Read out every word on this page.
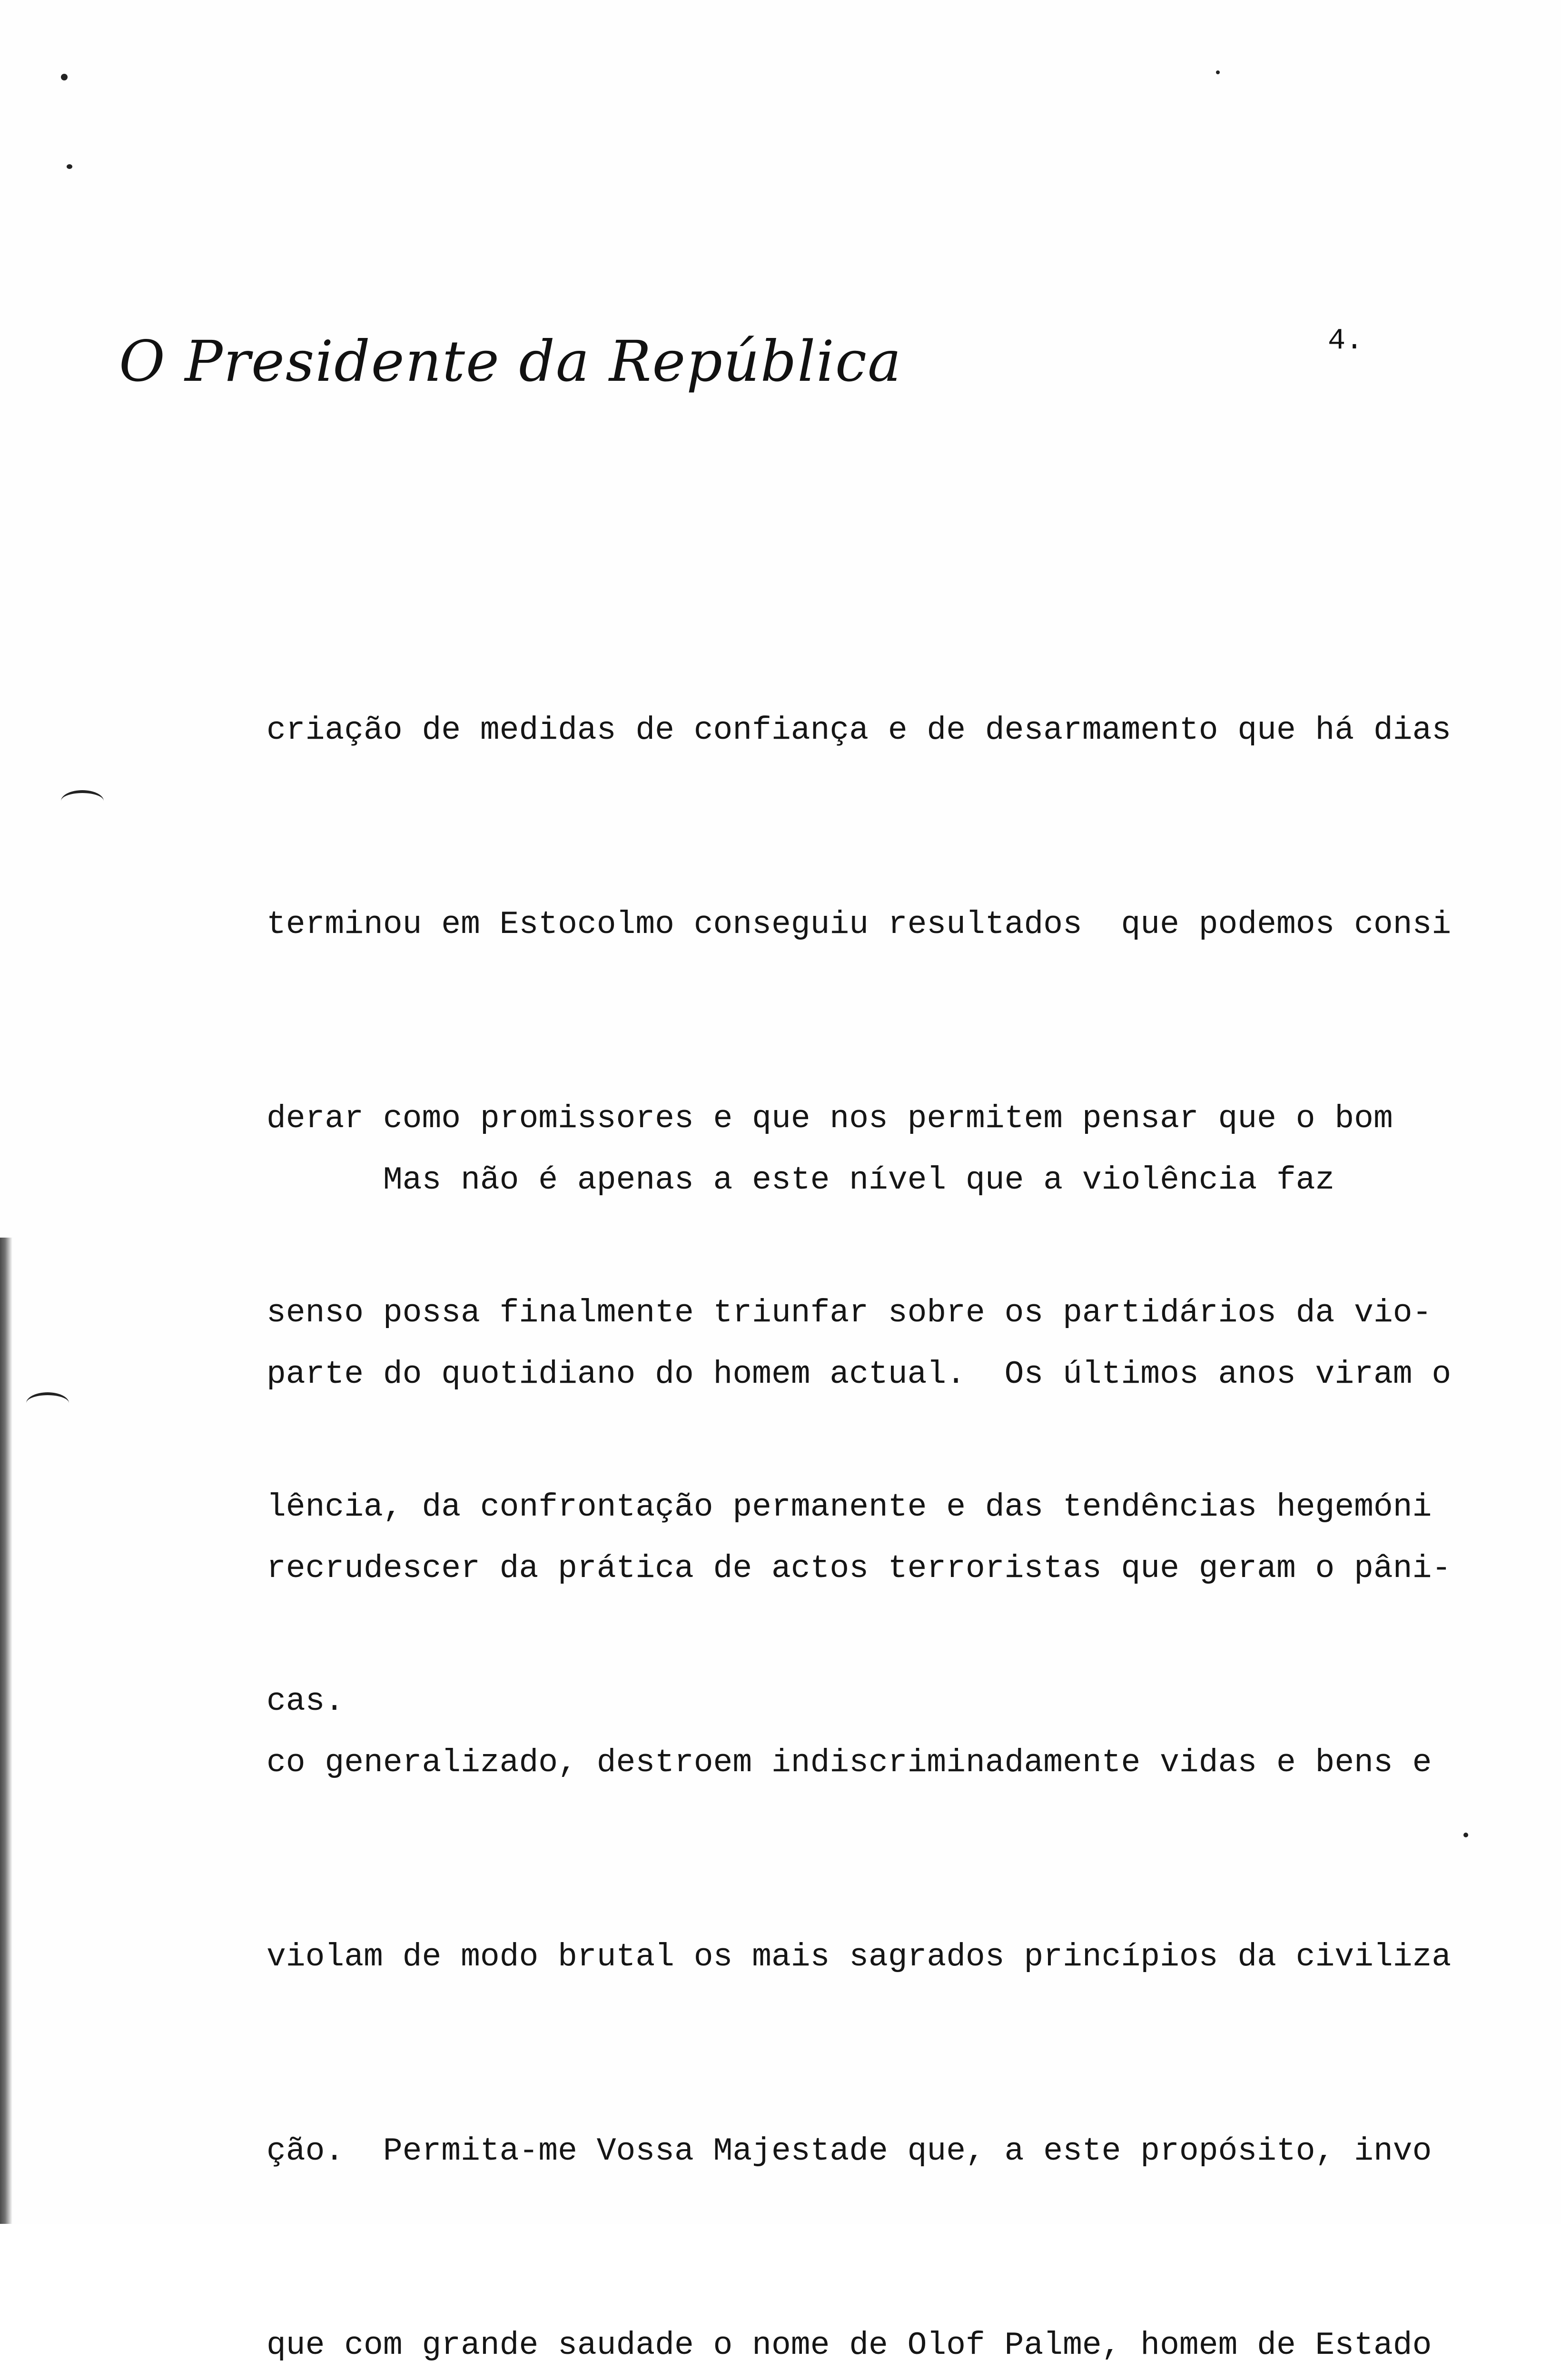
O Presidente da República	4.

criação de medidas de confiança e de desarmamento que há dias

terminou em Estocolmo conseguiu resultados  que podemos consi

derar como promissores e que nos permitem pensar que o bom

senso possa finalmente triunfar sobre os partidários da vio-

lência, da confrontação permanente e das tendências hegemóni

cas.

Mas não é apenas a este nível que a violência faz

parte do quotidiano do homem actual.  Os últimos anos viram o

recrudescer da prática de actos terroristas que geram o pâni-

co generalizado, destroem indiscriminadamente vidas e bens e

violam de modo brutal os mais sagrados princípios da civiliza

ção.  Permita-me Vossa Majestade que, a este propósito, invo

que com grande saudade o nome de Olof Palme, homem de Estado
